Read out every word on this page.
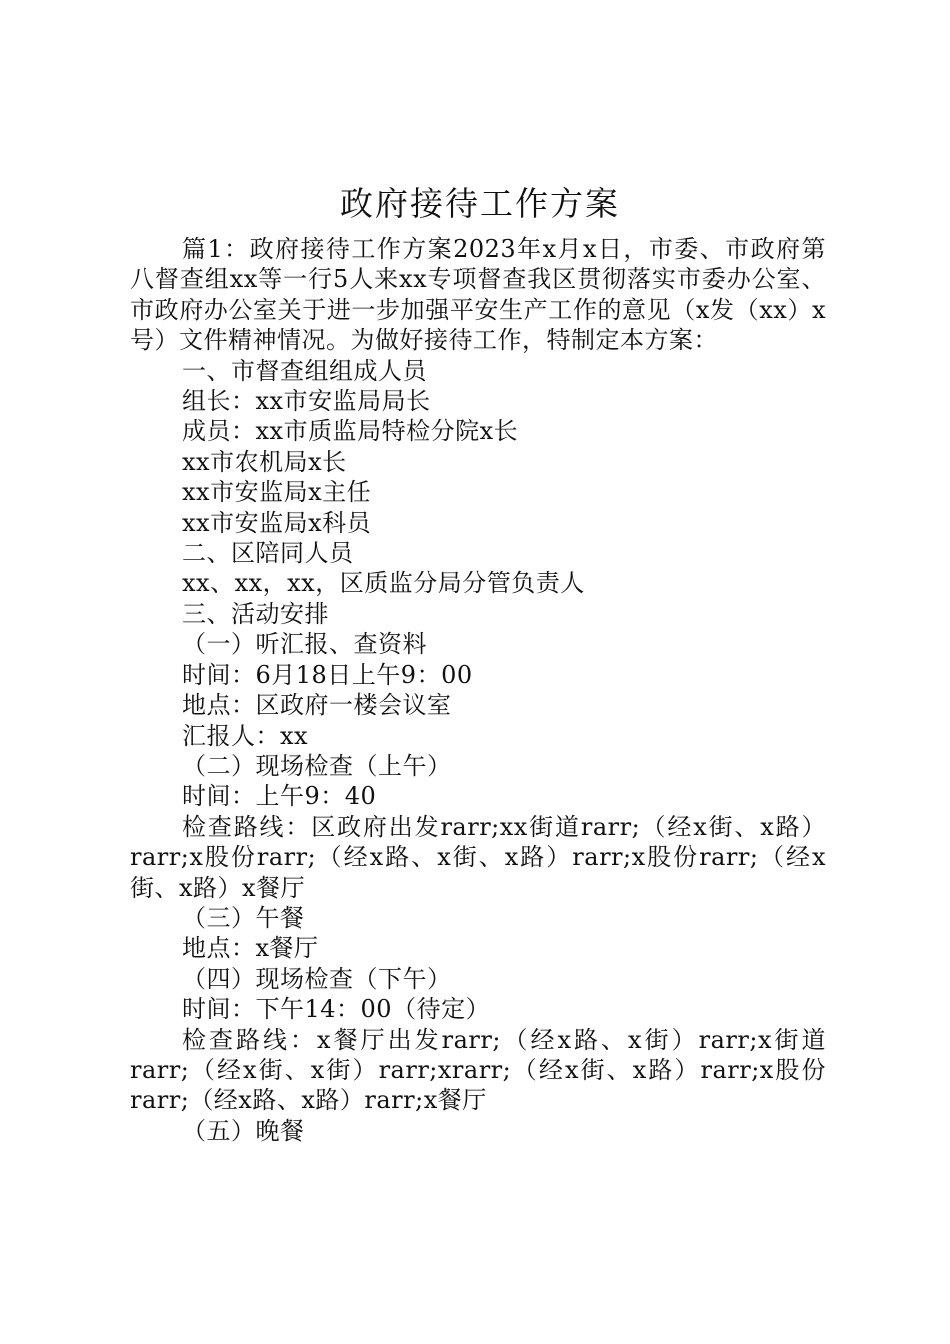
政府接待工作方案

篇1：政府接待工作方案2023年x月x日，市委、市政府第八督查组xx等一行5人来xx专项督查我区贯彻落实市委办公室、市政府办公室关于进一步加强平安生产工作的意见（x发（xx）x号）文件精神情况。为做好接待工作，特制定本方案：

一、市督查组组成人员

组长：xx市安监局局长

成员：xx市质监局特检分院x长

xx市农机局x长

xx市安监局x主任

xx市安监局x科员

二、区陪同人员

xx、xx，xx，区质监分局分管负责人

三、活动安排

（一）听汇报、查资料

时间：6月18日上午9：00

地点：区政府一楼会议室

汇报人：xx

（二）现场检查（上午）

时间：上午9：40

检查路线：区政府出发rarr;xx街道rarr;（经x街、x路）rarr;x股份rarr;（经x路、x街、x路）rarr;x股份rarr;（经x街、x路）x餐厅

（三）午餐

地点：x餐厅

（四）现场检查（下午）

时间：下午14：00（待定）

检查路线：x餐厅出发rarr;（经x路、x街）rarr;x街道rarr;（经x街、x街）rarr;xrarr;（经x街、x路）rarr;x股份rarr;（经x路、x路）rarr;x餐厅

（五）晚餐
